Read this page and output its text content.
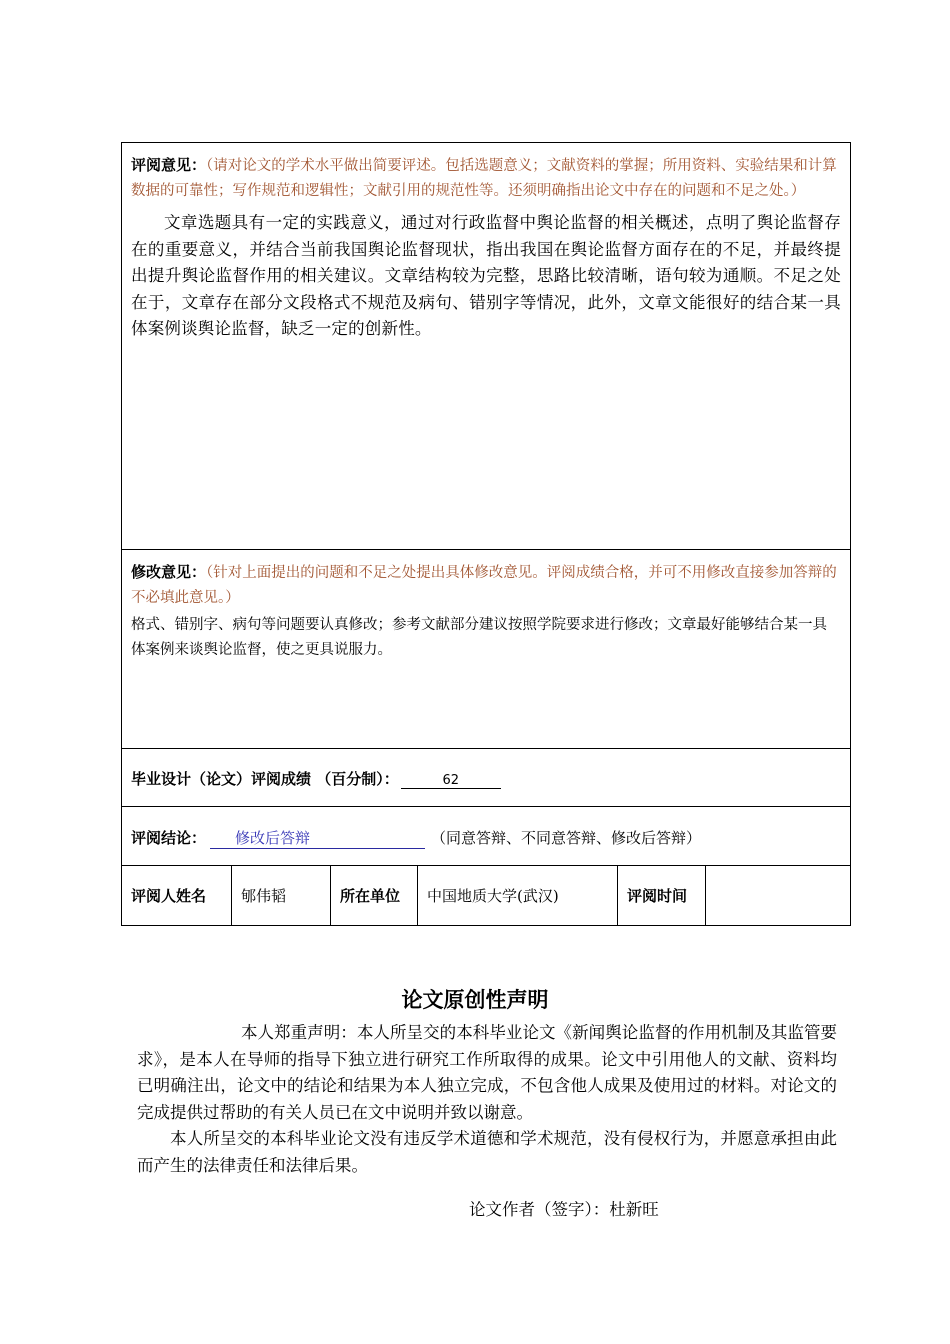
评阅意见：（请对论文的学术水平做出简要评述。包括选题意义；文献资料的掌握；所用资料、实验结果和计算数据的可靠性；写作规范和逻辑性；文献引用的规范性等。还须明确指出论文中存在的问题和不足之处。）
文章选题具有一定的实践意义，通过对行政监督中舆论监督的相关概述，点明了舆论监督存在的重要意义，并结合当前我国舆论监督现状，指出我国在舆论监督方面存在的不足，并最终提出提升舆论监督作用的相关建议。文章结构较为完整，思路比较清晰，语句较为通顺。不足之处在于，文章存在部分文段格式不规范及病句、错别字等情况，此外，文章文能很好的结合某一具体案例谈舆论监督，缺乏一定的创新性。
修改意见：（针对上面提出的问题和不足之处提出具体修改意见。评阅成绩合格，并可不用修改直接参加答辩的不必填此意见。）
格式、错别字、病句等问题要认真修改；参考文献部分建议按照学院要求进行修改；文章最好能够结合某一具体案例来谈舆论监督，使之更具说服力。
毕业设计（论文）评阅成绩 （百分制）：	62
评阅结论： 修改后答辩	（同意答辩、不同意答辩、修改后答辩）
评阅人姓名	郇伟韬	所在单位	中国地质大学(武汉)	评阅时间
论文原创性声明

本人郑重声明：本人所呈交的本科毕业论文《新闻舆论监督的作用机制及其监管要求》，是本人在导师的指导下独立进行研究工作所取得的成果。论文中引用他人的文献、资料均已明确注出，论文中的结论和结果为本人独立完成，不包含他人成果及使用过的材料。对论文的完成提供过帮助的有关人员已在文中说明并致以谢意。

本人所呈交的本科毕业论文没有违反学术道德和学术规范，没有侵权行为，并愿意承担由此而产生的法律责任和法律后果。

论文作者（签字）：杜新旺
